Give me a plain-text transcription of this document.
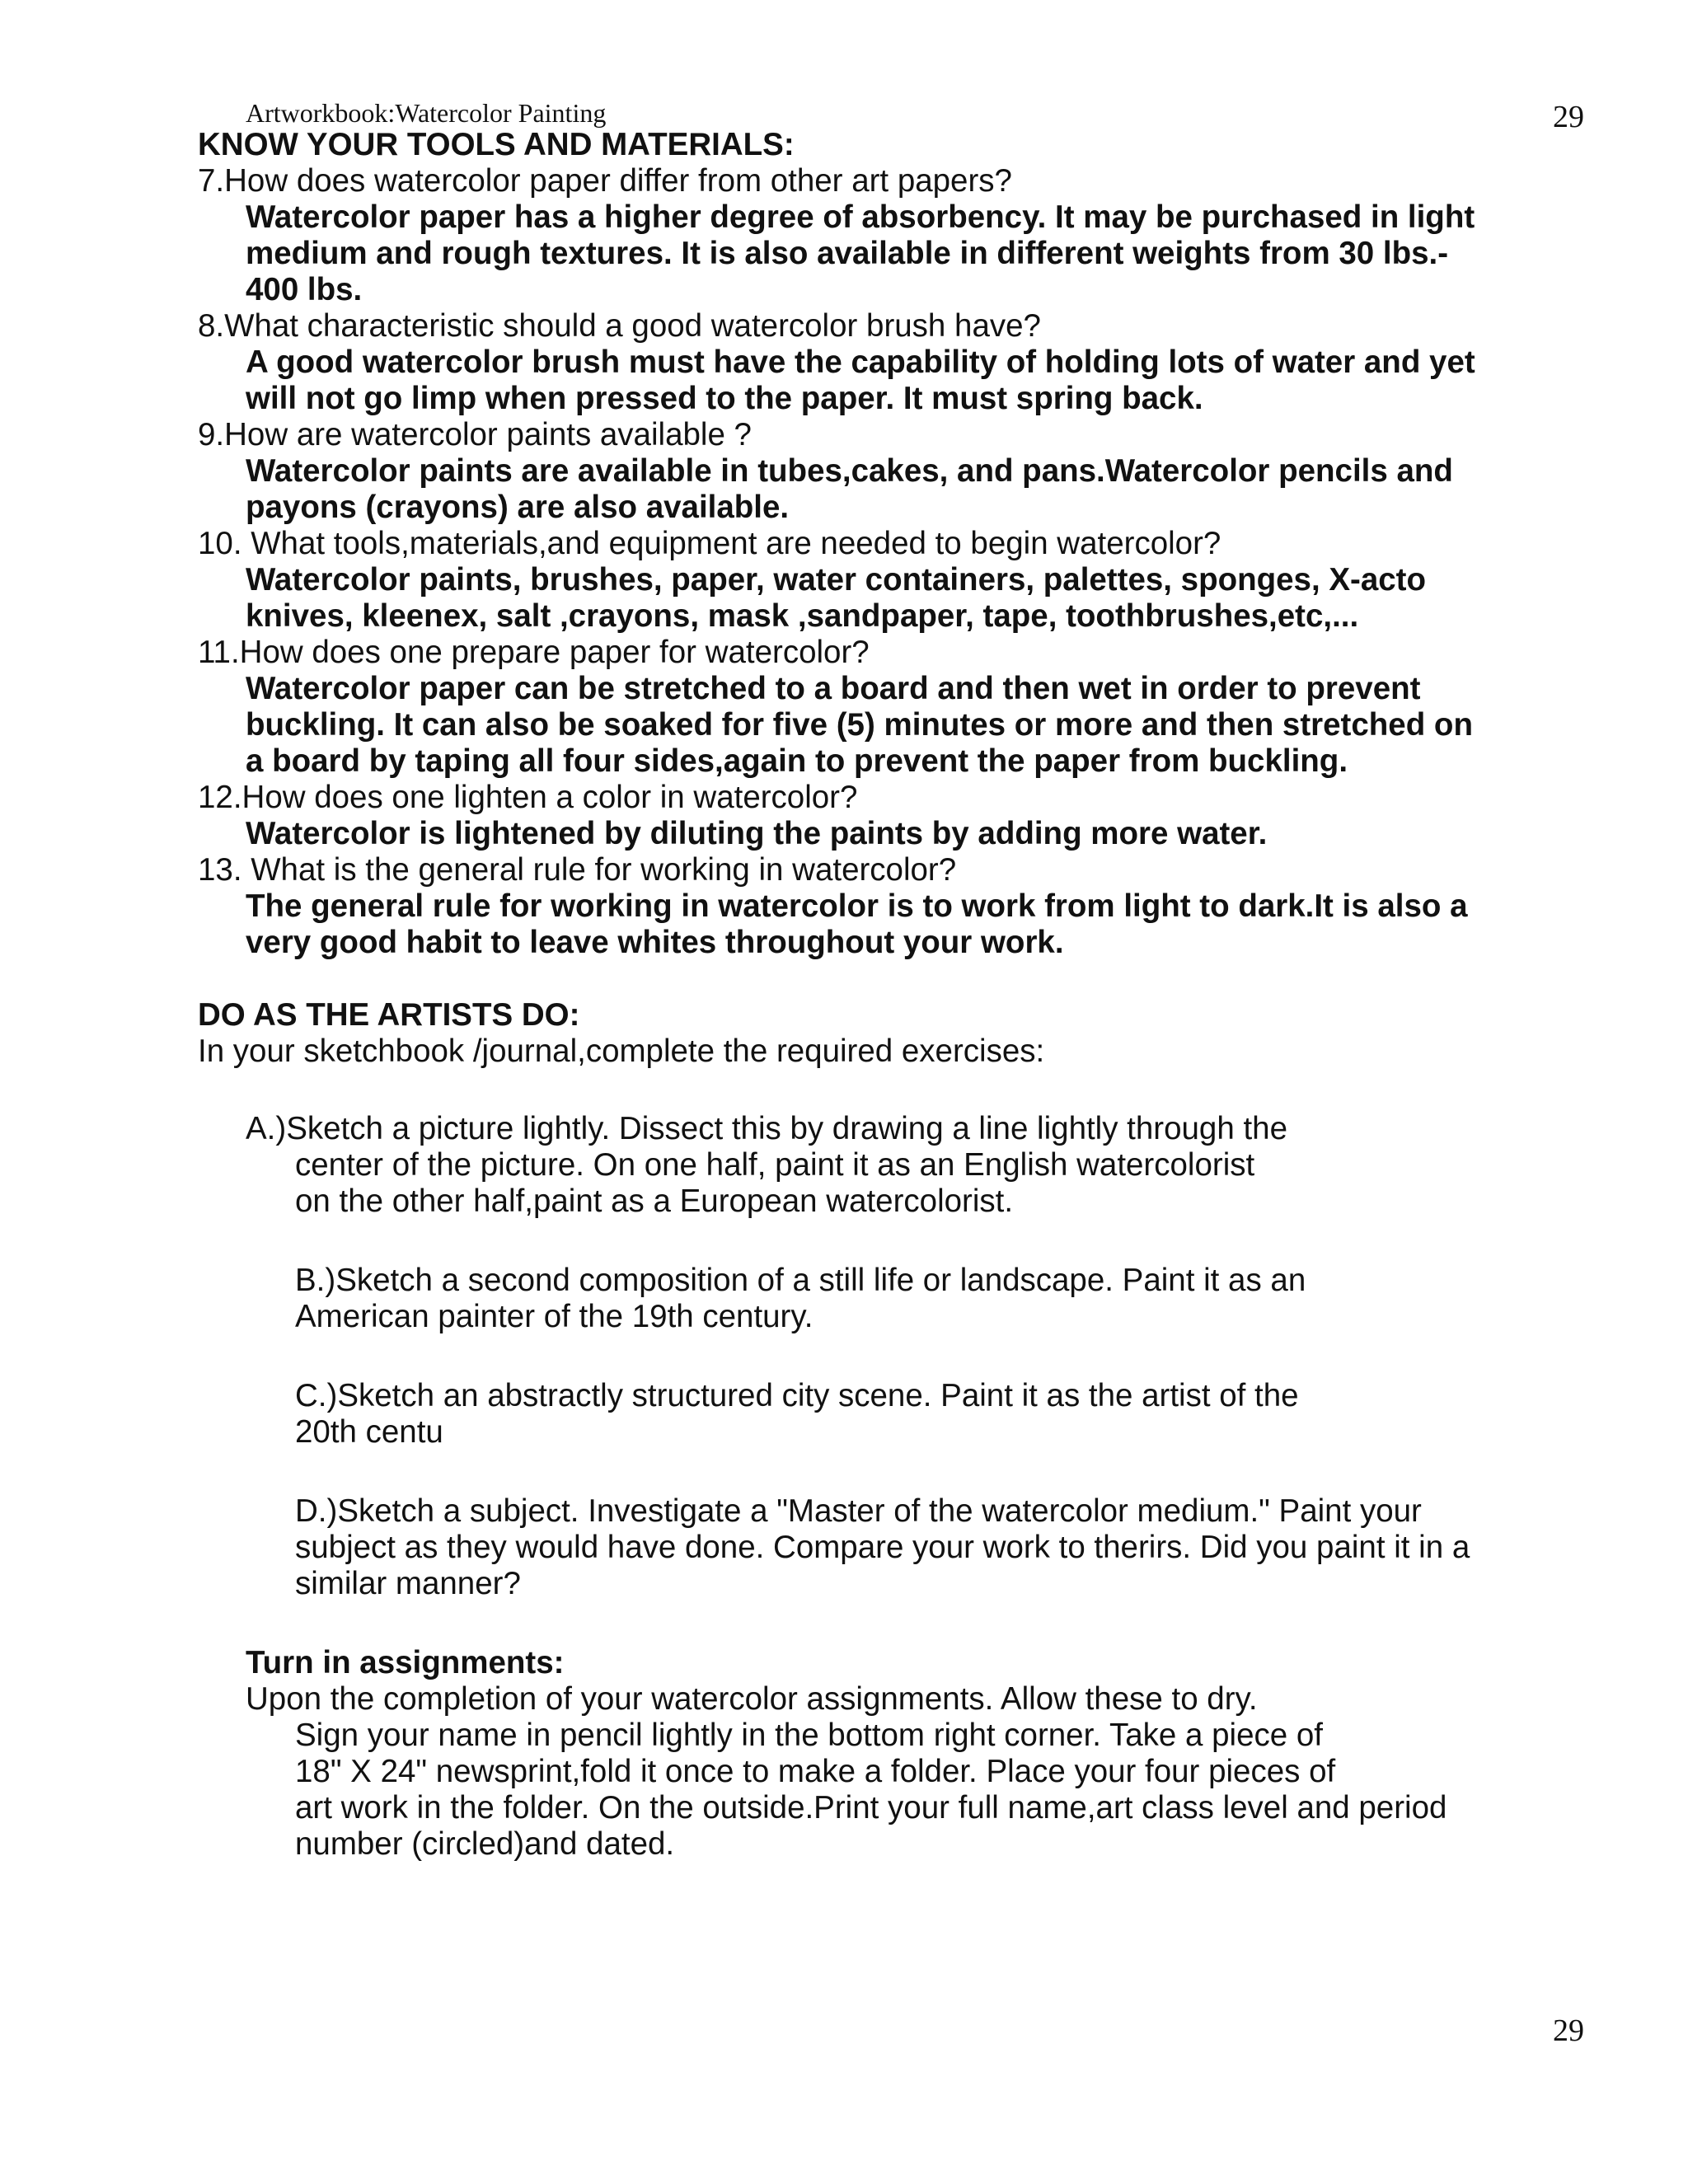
Artworkbook:Watercolor Painting	29
KNOW YOUR TOOLS AND MATERIALS:
7.How does watercolor paper differ from other art papers?
Watercolor paper has a higher degree of absorbency. It may be purchased in light
medium and rough textures. It is also available in different weights from 30 lbs.-
400 lbs.
8.What characteristic should a good watercolor brush have?
A good watercolor brush must have the capability of holding lots of water and yet
will not go limp when pressed to the paper. It must spring back.
9.How are watercolor paints available ?
Watercolor paints are available in tubes,cakes, and pans.Watercolor pencils and
payons (crayons) are also available.
10. What tools,materials,and equipment are needed to begin watercolor?
Watercolor paints, brushes, paper, water containers, palettes, sponges, X-acto
knives, kleenex, salt ,crayons, mask ,sandpaper, tape, toothbrushes,etc,...
11.How does one prepare paper for watercolor?
Watercolor paper can be stretched to a board and then wet in order to prevent
buckling. It can also be soaked for five (5) minutes or more and then stretched on
a board by taping all four sides,again to prevent the paper from buckling.
12.How does one lighten a color in watercolor?
Watercolor is lightened by diluting the paints by adding more water.
13. What is the general rule for working in watercolor?
The general rule for working in watercolor is to work from light to dark.It is also a
very good habit to leave whites throughout your work.
DO AS THE ARTISTS DO:
In your sketchbook /journal,complete the required exercises:
A.)Sketch a picture lightly. Dissect this by drawing a line lightly through the
center of the picture. On one half, paint it as an English watercolorist
on the other half,paint as a European watercolorist.
B.)Sketch a second composition of a still life or landscape. Paint it as an
American painter of the 19th century.
C.)Sketch an abstractly structured city scene. Paint it as the artist of the
20th centu
D.)Sketch a subject. Investigate a "Master of the watercolor medium." Paint your
subject as they would have done. Compare your work to therirs. Did you paint it in a
similar manner?
Turn in assignments:
Upon the completion of your watercolor assignments. Allow these to dry.
Sign your name in pencil lightly in the bottom right corner. Take a piece of
18" X 24" newsprint,fold it once to make a folder. Place your four pieces of
art work in the folder. On the outside.Print your full name,art class level and period
number (circled)and dated.
29
